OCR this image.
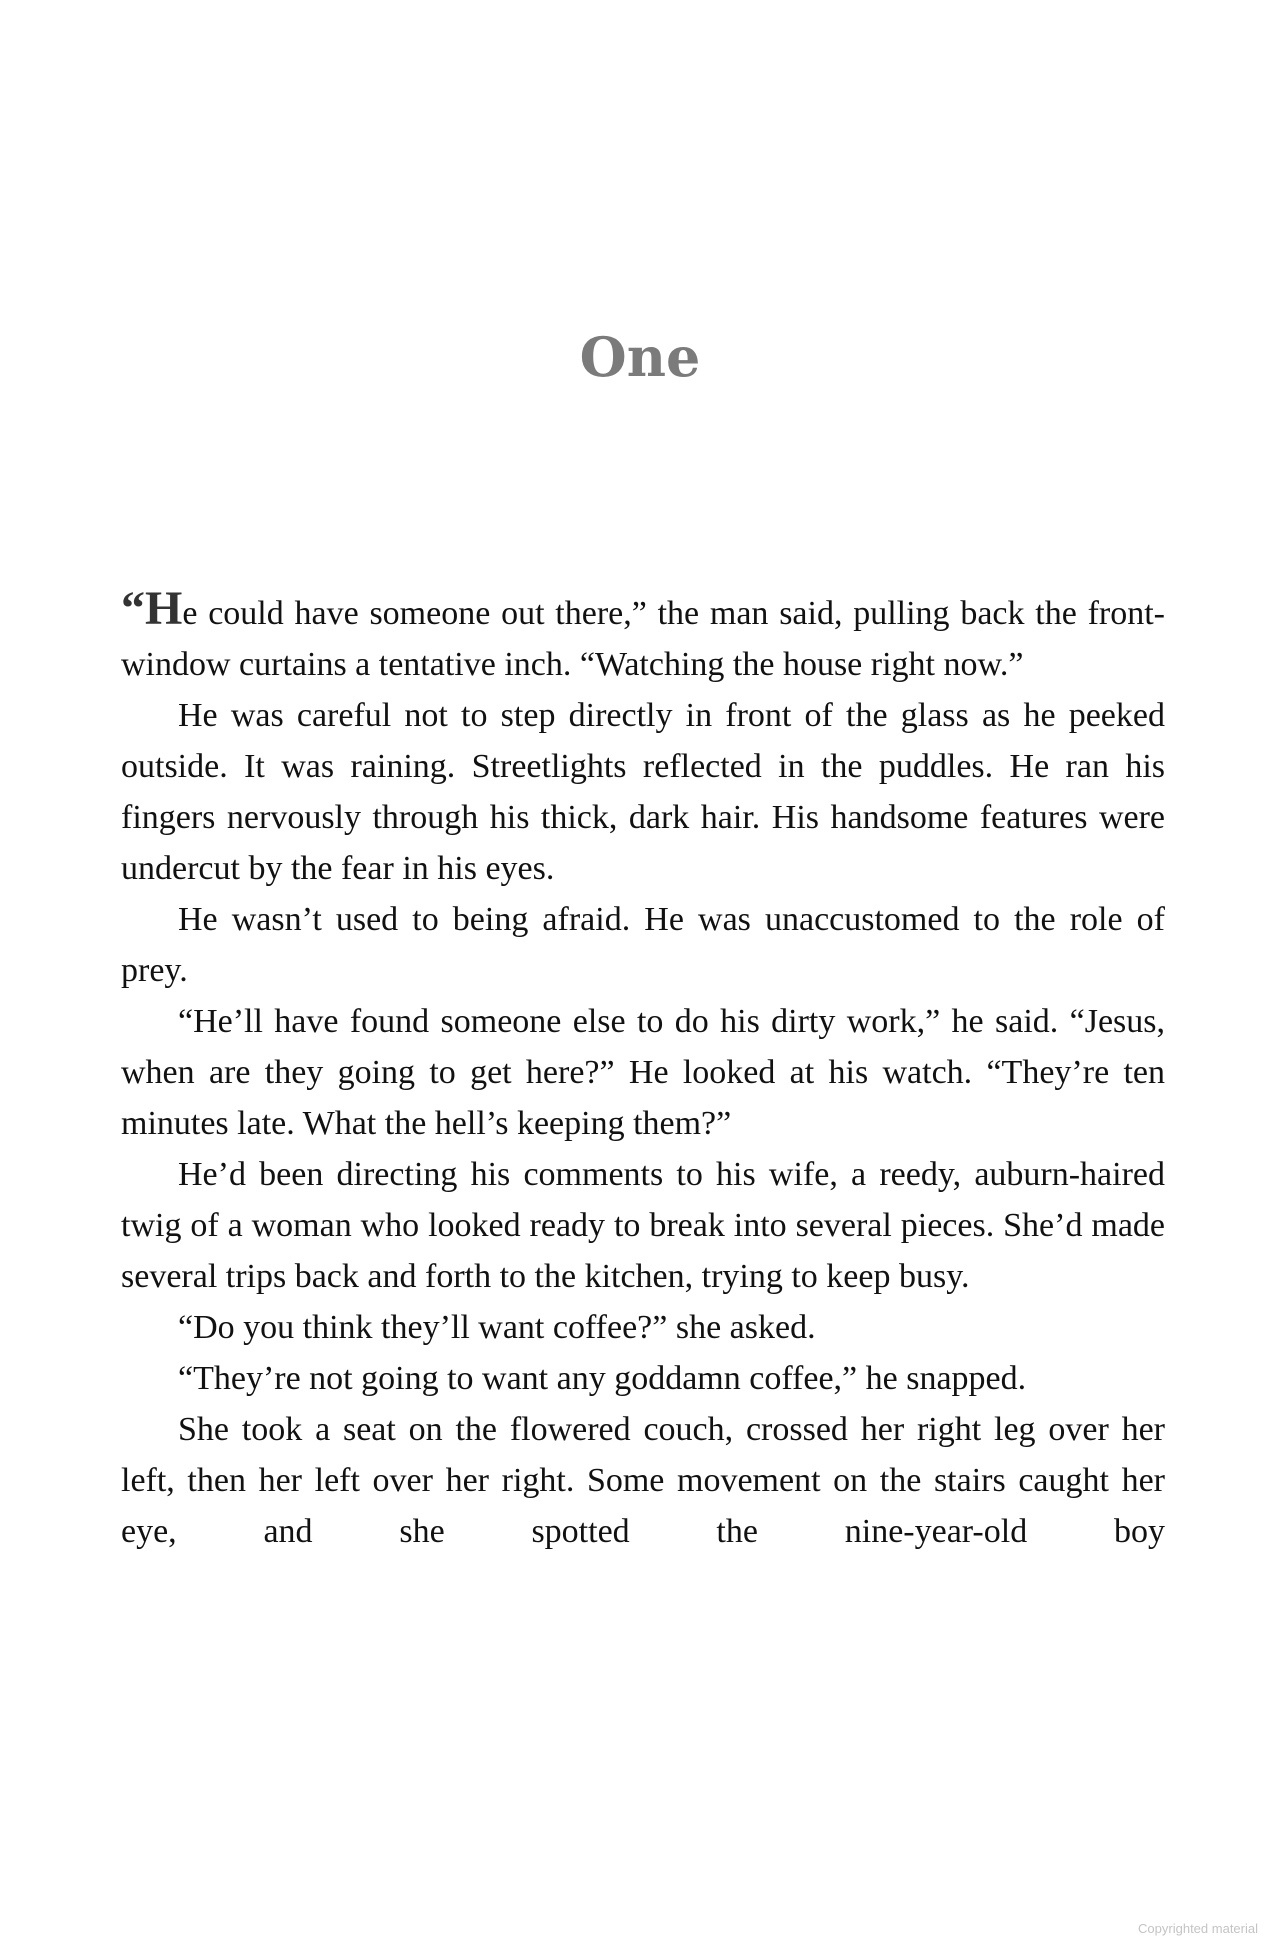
One

“He could have someone out there,” the man said, pulling back the front-window curtains a tentative inch. “Watching the house right now.”

He was careful not to step directly in front of the glass as he peeked outside. It was raining. Streetlights reflected in the puddles. He ran his fingers nervously through his thick, dark hair. His handsome features were undercut by the fear in his eyes.

He wasn’t used to being afraid. He was unaccustomed to the role of prey.

“He’ll have found someone else to do his dirty work,” he said. “Jesus, when are they going to get here?” He looked at his watch. “They’re ten minutes late. What the hell’s keeping them?”

He’d been directing his comments to his wife, a reedy, auburn-haired twig of a woman who looked ready to break into several pieces. She’d made several trips back and forth to the kitchen, trying to keep busy.

“Do you think they’ll want coffee?” she asked.

“They’re not going to want any goddamn coffee,” he snapped.

She took a seat on the flowered couch, crossed her right leg over her left, then her left over her right. Some movement on the stairs caught her eye, and she spotted the nine-year-old boy

Copyrighted material
